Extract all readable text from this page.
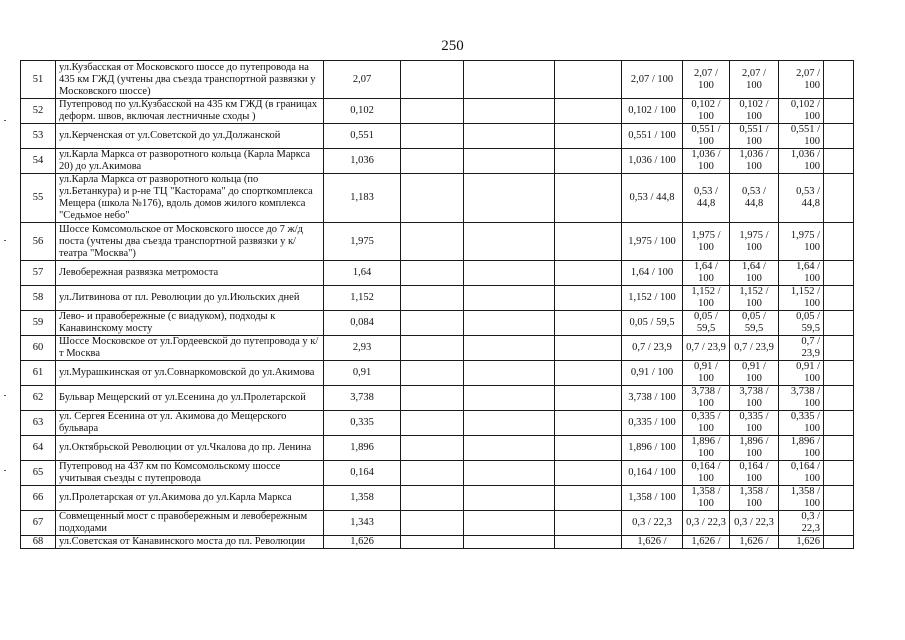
250
51	ул.Кузбасская от Московского шоссе до путепровода на 435 км ГЖД (учтены два съезда транспортной развязки у Московского шоссе)	2,07				2,07 / 100	2,07 / 100	2,07 / 100	2,07 / 100	
52	Путепровод по ул.Кузбасской на 435 км ГЖД (в границах деформ. швов, включая лестничные сходы )	0,102				0,102 / 100	0,102 / 100	0,102 / 100	0,102 / 100	
53	ул.Керченская от ул.Советской до ул.Должанской	0,551				0,551 / 100	0,551 / 100	0,551 / 100	0,551 / 100	
54	ул.Карла Маркса от разворотного кольца (Карла Маркса 20) до ул.Акимова	1,036				1,036 / 100	1,036 / 100	1,036 / 100	1,036 / 100	
55	ул.Карла Маркса от разворотного кольца (по ул.Бетанкура) и р-не ТЦ "Касторама" до спорткомплекса Мещера (школа №176), вдоль домов жилого комплекса "Седьмое небо"	1,183				0,53 / 44,8	0,53 / 44,8	0,53 / 44,8	0,53 / 44,8	
56	Шоссе Комсомольское от Московского шоссе до 7 ж/д поста (учтены два съезда транспортной развязки у к/театра "Москва")	1,975				1,975 / 100	1,975 / 100	1,975 / 100	1,975 / 100	
57	Левобережная развязка метромоста	1,64				1,64 / 100	1,64 / 100	1,64 / 100	1,64 / 100	
58	ул.Литвинова от пл. Революции до ул.Июльских дней	1,152				1,152 / 100	1,152 / 100	1,152 / 100	1,152 / 100	
59	Лево- и правобережные (с виадуком), подходы к Канавинскому мосту	0,084				0,05 / 59,5	0,05 / 59,5	0,05 / 59,5	0,05 / 59,5	
60	Шоссе Московское от ул.Гордеевской до путепровода у к/т Москва	2,93				0,7 / 23,9	0,7 / 23,9	0,7 / 23,9	0,7 / 23,9	
61	ул.Мурашкинская от ул.Совнаркомовской до ул.Акимова	0,91				0,91 / 100	0,91 / 100	0,91 / 100	0,91 / 100	
62	Бульвар Мещерский от ул.Есенина до ул.Пролетарской	3,738				3,738 / 100	3,738 / 100	3,738 / 100	3,738 / 100	
63	ул. Сергея Есенина от ул. Акимова до Мещерского бульвара	0,335				0,335 / 100	0,335 / 100	0,335 / 100	0,335 / 100	
64	ул.Октябрьской Революции от ул.Чкалова до пр. Ленина	1,896				1,896 / 100	1,896 / 100	1,896 / 100	1,896 / 100	
65	Путепровод на 437 км по Комсомольскому шоссе учитывая съезды с путепровода	0,164				0,164 / 100	0,164 / 100	0,164 / 100	0,164 / 100	
66	ул.Пролетарская от ул.Акимова до ул.Карла Маркса	1,358				1,358 / 100	1,358 / 100	1,358 / 100	1,358 / 100	
67	Совмещенный мост с правобережным и левобережным подходами	1,343				0,3 / 22,3	0,3 / 22,3	0,3 / 22,3	0,3 / 22,3	
68	ул.Советская от Канавинского моста до пл. Революции	1,626				1,626 /	1,626 /	1,626 /	1,626	
